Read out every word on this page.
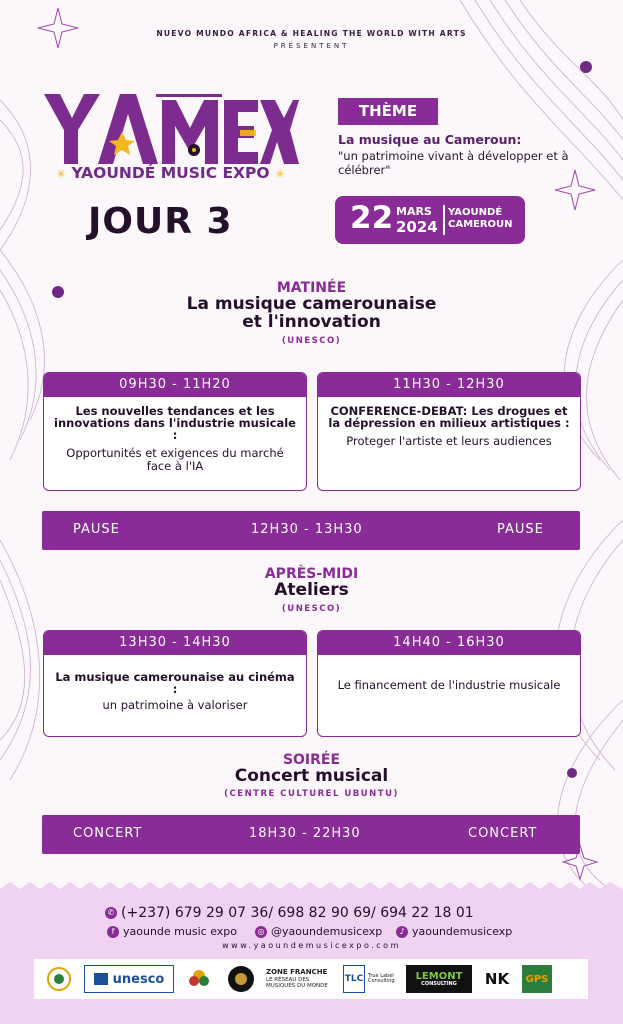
NUEVO MUNDO AFRICA & HEALING THE WORLD WITH ARTS
PRÉSENTENT
✳ YAOUNDÉ MUSIC EXPO ✳
JOUR 3
THÈME
La musique au Cameroun:
"un patrimoine vivant à développer et à célébrer"
22 MARS
2024
YAOUNDÉ
CAMEROUN
MATINÉE
La musique camerounaise
et l'innovation
(UNESCO)
09H30 - 11H20
Les nouvelles tendances et les innovations dans l'industrie musicale :
Opportunités et exigences du marché face à l'IA
11H30 - 12H30
CONFERENCE-DEBAT: Les drogues et la dépression en milieux artistiques :
Proteger l'artiste et leurs audiences
PAUSE	12H30 - 13H30	PAUSE
APRÈS-MIDI
Ateliers
(UNESCO)
13H30 - 14H30
La musique camerounaise au cinéma :
un patrimoine à valoriser
14H40 - 16H30
Le financement de l'industrie musicale
SOIRÉE
Concert musical
(CENTRE CULTUREL UBUNTU)
CONCERT	18H30 - 22H30	CONCERT
✆ (+237) 679 29 07 36/ 698 82 90 69/ 694 22 18 01
f yaounde music expo	◎ @yaoundemusicexp	♪ yaoundemusicexp
www.yaoundemusicexpo.com
unesco	ZONE FRANCHE
LE RÉSEAU DES MUSIQUES DU MONDE
TLC True Label Consulting	LEMONT
CONSULTING	NK	GPS
